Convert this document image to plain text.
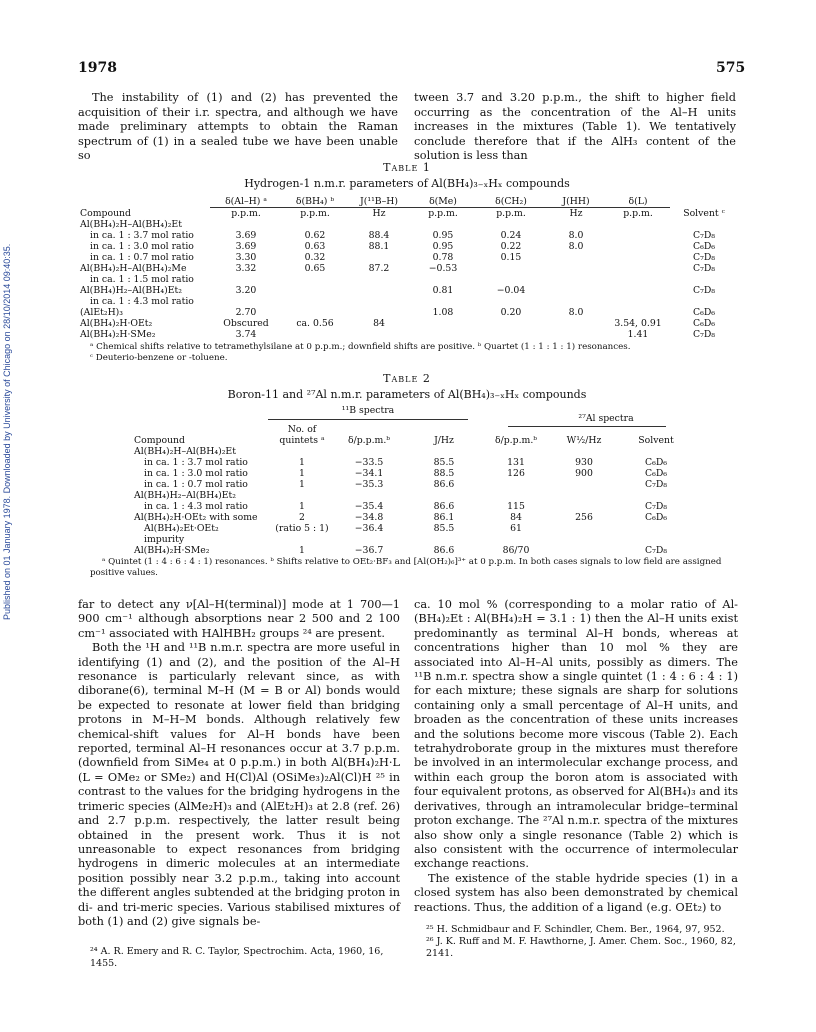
1978	575
Published on 01 January 1978. Downloaded by University of Chicago on 28/10/2014 09:40:35.

The instability of (1) and (2) has prevented the acquisition of their i.r. spectra, and although we have made preliminary attempts to obtain the Raman spectrum of (1) in a sealed tube we have been unable so

tween 3.7 and 3.20 p.p.m., the shift to higher field occurring as the concentration of the Al–H units increases in the mixtures (Table 1). We tentatively conclude therefore that if the AlH₃ content of the solution is less than

Table 1
Hydrogen-1 n.m.r. parameters of Al(BH₄)₃₋ₓHₓ compounds
	δ(Al–H) ᵃ	δ(BH₄) ᵇ	J(¹¹B–H)	δ(Me)	δ(CH₂)	J(HH)	δ(L)	
Compound	p.p.m.	p.p.m.	Hz	p.p.m.	p.p.m.	Hz	p.p.m.	Solvent ᶜ
Al(BH₄)₂H–Al(BH₄)₂Et								
in ca. 1 : 3.7 mol ratio	3.69	0.62	88.4	0.95	0.24	8.0		C₇D₈
in ca. 1 : 3.0 mol ratio	3.69	0.63	88.1	0.95	0.22	8.0		C₆D₆
in ca. 1 : 0.7 mol ratio	3.30	0.32		0.78	0.15			C₇D₈
Al(BH₄)₂H–Al(BH₄)₂Me	3.32	0.65	87.2	−0.53				C₇D₈
in ca. 1 : 1.5 mol ratio								
Al(BH₄)H₂–Al(BH₄)Et₂	3.20			0.81	−0.04			C₇D₈
in ca. 1 : 4.3 mol ratio								
(AlEt₂H)₃	2.70			1.08	0.20	8.0		C₆D₆
Al(BH₄)₂H·OEt₂	Obscured	ca. 0.56	84				3.54, 0.91	C₆D₆
Al(BH₄)₂H·SMe₂	3.74						1.41	C₇D₈
ᵃ Chemical shifts relative to tetramethylsilane at 0 p.p.m.; downfield shifts are positive. ᵇ Quartet (1 : 1 : 1 : 1) resonances.
ᶜ Deuterio-benzene or -toluene.
Table 2
Boron-11 and ²⁷Al n.m.r. parameters of Al(BH₄)₃₋ₓHₓ compounds
¹¹B spectra
²⁷Al spectra
	No. of					
Compound	quintets ᵃ	δ/p.p.m.ᵇ	J/Hz	δ/p.p.m.ᵇ	W½/Hz	Solvent
Al(BH₄)₂H–Al(BH₄)₂Et						
in ca. 1 : 3.7 mol ratio	1	−33.5	85.5	131	930	C₆D₆
in ca. 1 : 3.0 mol ratio	1	−34.1	88.5	126	900	C₆D₆
in ca. 1 : 0.7 mol ratio	1	−35.3	86.6			C₇D₈
Al(BH₄)H₂–Al(BH₄)Et₂						
in ca. 1 : 4.3 mol ratio	1	−35.4	86.6	115		C₇D₈
Al(BH₄)₂H·OEt₂ with some	2	−34.8	86.1	84	256	C₆D₆
Al(BH₄)₂Et·OEt₂	(ratio 5 : 1)	−36.4	85.5	61		
impurity						
Al(BH₄)₂H·SMe₂	1	−36.7	86.6	86/70		C₇D₈
ᵃ Quintet (1 : 4 : 6 : 4 : 1) resonances. ᵇ Shifts relative to OEt₂·BF₃ and [Al(OH₂)₆]³⁺ at 0 p.p.m. In both cases signals to low field are assigned positive values.

far to detect any ν[Al–H(terminal)] mode at 1 700—1 900 cm⁻¹ although absorptions near 2 500 and 2 100 cm⁻¹ associated with HAlHBH₂ groups ²⁴ are present.

Both the ¹H and ¹¹B n.m.r. spectra are more useful in identifying (1) and (2), and the position of the Al–H resonance is particularly relevant since, as with diborane(6), terminal M–H (M = B or Al) bonds would be expected to resonate at lower field than bridging protons in M–H–M bonds. Although relatively few chemical-shift values for Al–H bonds have been reported, terminal Al–H resonances occur at 3.7 p.p.m. (downfield from SiMe₄ at 0 p.p.m.) in both Al(BH₄)₂H·L (L = OMe₂ or SMe₂) and H(Cl)Al (OSiMe₃)₂Al(Cl)H ²⁵ in contrast to the values for the bridging hydrogens in the trimeric species (AlMe₂H)₃ and (AlEt₂H)₃ at 2.8 (ref. 26) and 2.7 p.p.m. respectively, the latter result being obtained in the present work. Thus it is not unreasonable to expect resonances from bridging hydrogens in dimeric molecules at an intermediate position possibly near 3.2 p.p.m., taking into account the different angles subtended at the bridging proton in di- and tri-meric species. Various stabilised mixtures of both (1) and (2) give signals be-

²⁴ A. R. Emery and R. C. Taylor, Spectrochim. Acta, 1960, 16, 1455.

ca. 10 mol % (corresponding to a molar ratio of Al-(BH₄)₂Et : Al(BH₄)₂H = 3.1 : 1) then the Al–H units exist predominantly as terminal Al–H bonds, whereas at concentrations higher than 10 mol % they are associated into Al–H–Al units, possibly as dimers. The ¹¹B n.m.r. spectra show a single quintet (1 : 4 : 6 : 4 : 1) for each mixture; these signals are sharp for solutions containing only a small percentage of Al–H units, and broaden as the concentration of these units increases and the solutions become more viscous (Table 2). Each tetrahydroborate group in the mixtures must therefore be involved in an intermolecular exchange process, and within each group the boron atom is associated with four equivalent protons, as observed for Al(BH₄)₃ and its derivatives, through an intramolecular bridge–terminal proton exchange. The ²⁷Al n.m.r. spectra of the mixtures also show only a single resonance (Table 2) which is also consistent with the occurrence of intermolecular exchange reactions.

The existence of the stable hydride species (1) in a closed system has also been demonstrated by chemical reactions. Thus, the addition of a ligand (e.g. OEt₂) to

²⁵ H. Schmidbaur and F. Schindler, Chem. Ber., 1964, 97, 952.
²⁶ J. K. Ruff and M. F. Hawthorne, J. Amer. Chem. Soc., 1960, 82, 2141.
